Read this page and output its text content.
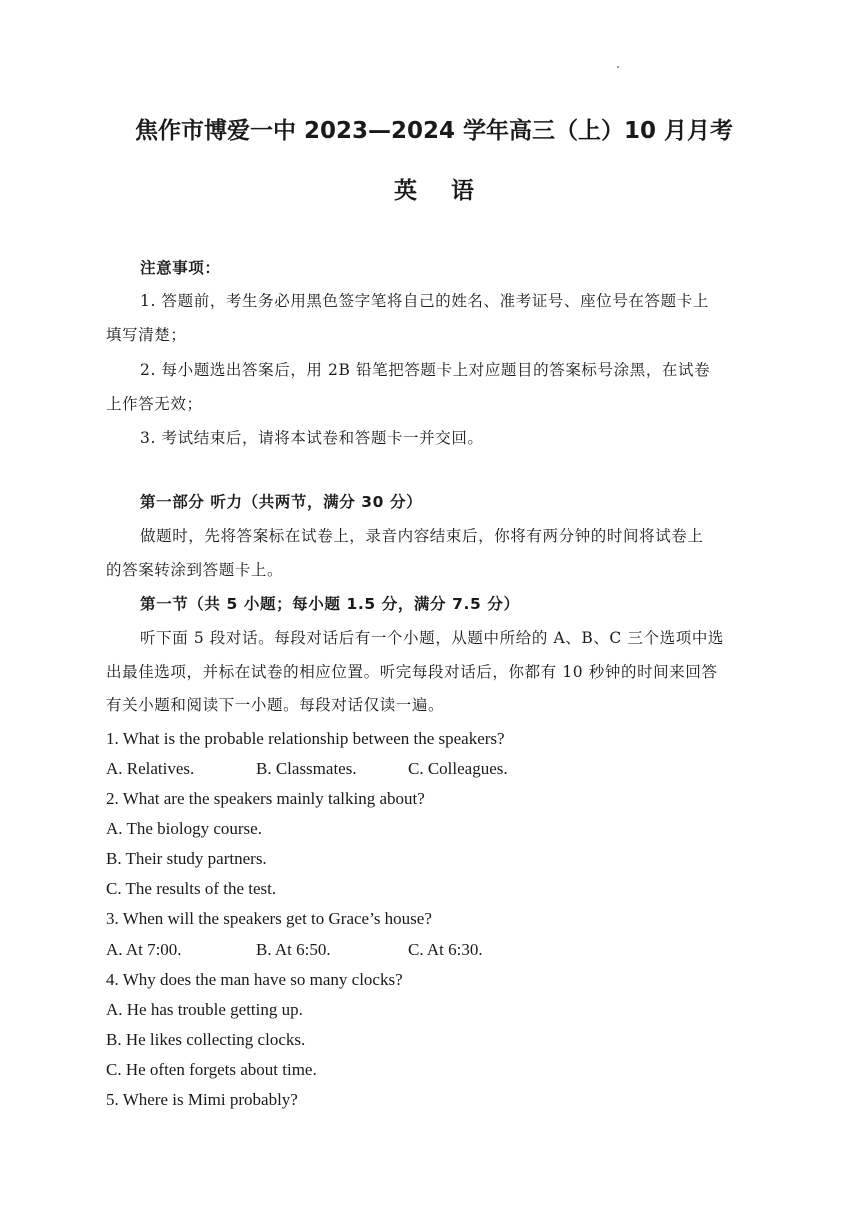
焦作市博爱一中 2023—2024 学年高三（上）10 月月考
英 语
注意事项：
1. 答题前，考生务必用黑色签字笔将自己的姓名、准考证号、座位号在答题卡上
填写清楚；
2. 每小题选出答案后，用 2B 铅笔把答题卡上对应题目的答案标号涂黑，在试卷
上作答无效；
3. 考试结束后，请将本试卷和答题卡一并交回。
第一部分 听力（共两节，满分 30 分）
做题时，先将答案标在试卷上，录音内容结束后，你将有两分钟的时间将试卷上
的答案转涂到答题卡上。
第一节（共 5 小题；每小题 1.5 分，满分 7.5 分）
听下面 5 段对话。每段对话后有一个小题，从题中所给的 A、B、C 三个选项中选
出最佳选项，并标在试卷的相应位置。听完每段对话后，你都有 10 秒钟的时间来回答
有关小题和阅读下一小题。每段对话仅读一遍。
1. What is the probable relationship between the speakers?
A. Relatives.	B. Classmates.	C. Colleagues.
2. What are the speakers mainly talking about?
A. The biology course.
B. Their study partners.
C. The results of the test.
3. When will the speakers get to Grace’s house?
A. At 7:00.	B. At 6:50.	C. At 6:30.
4. Why does the man have so many clocks?
A. He has trouble getting up.
B. He likes collecting clocks.
C. He often forgets about time.
5. Where is Mimi probably?
